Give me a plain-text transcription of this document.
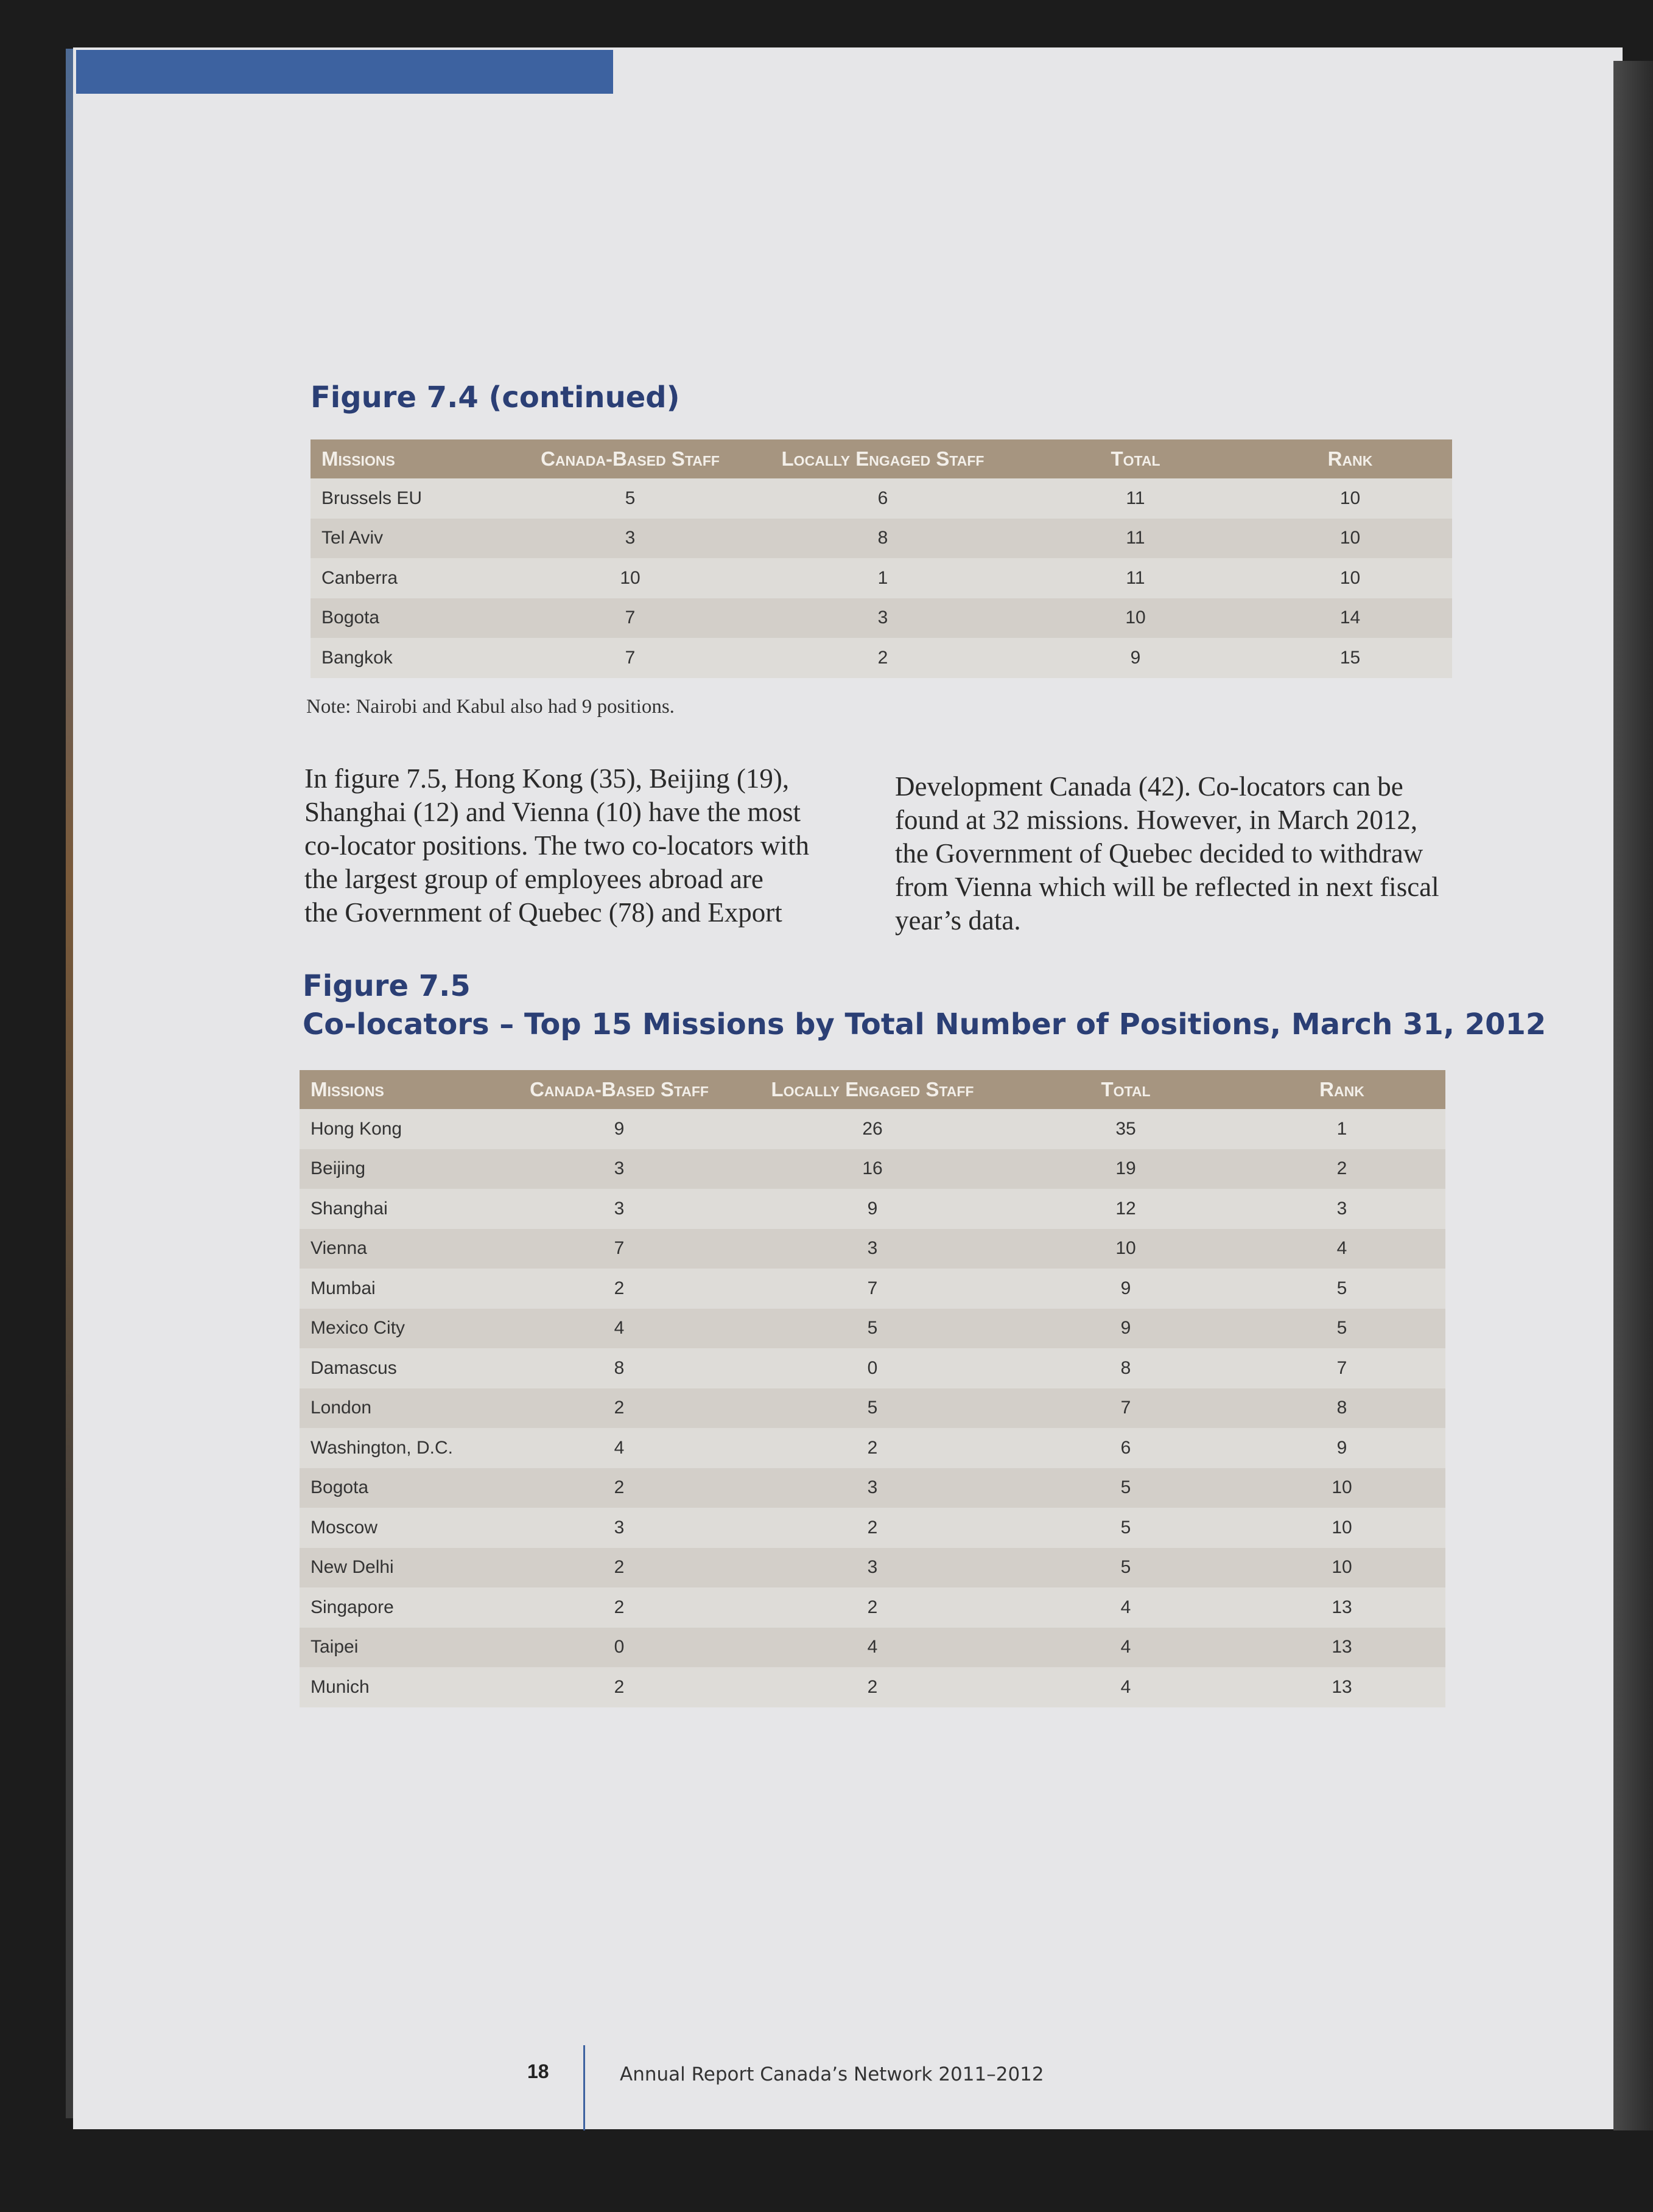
Figure 7.4 (continued)
Missions	Canada-Based Staff	Locally Engaged Staff	Total	Rank
Brussels EU	5	6	11	10
Tel Aviv	3	8	11	10
Canberra	10	1	11	10
Bogota	7	3	10	14
Bangkok	7	2	9	15
Note: Nairobi and Kabul also had 9 positions.
In figure 7.5, Hong Kong (35), Beijing (19),
Shanghai (12) and Vienna (10) have the most
co-locator positions. The two co-locators with
the largest group of employees abroad are
the Government of Quebec (78) and Export
Development Canada (42). Co-locators can be
found at 32 missions. However, in March 2012,
the Government of Quebec decided to withdraw
from Vienna which will be reflected in next fiscal
year’s data.
Figure 7.5
Co-locators – Top 15 Missions by Total Number of Positions, March 31, 2012
Missions	Canada-Based Staff	Locally Engaged Staff	Total	Rank
Hong Kong	9	26	35	1
Beijing	3	16	19	2
Shanghai	3	9	12	3
Vienna	7	3	10	4
Mumbai	2	7	9	5
Mexico City	4	5	9	5
Damascus	8	0	8	7
London	2	5	7	8
Washington, D.C.	4	2	6	9
Bogota	2	3	5	10
Moscow	3	2	5	10
New Delhi	2	3	5	10
Singapore	2	2	4	13
Taipei	0	4	4	13
Munich	2	2	4	13
18	Annual Report Canada’s Network 2011–2012
